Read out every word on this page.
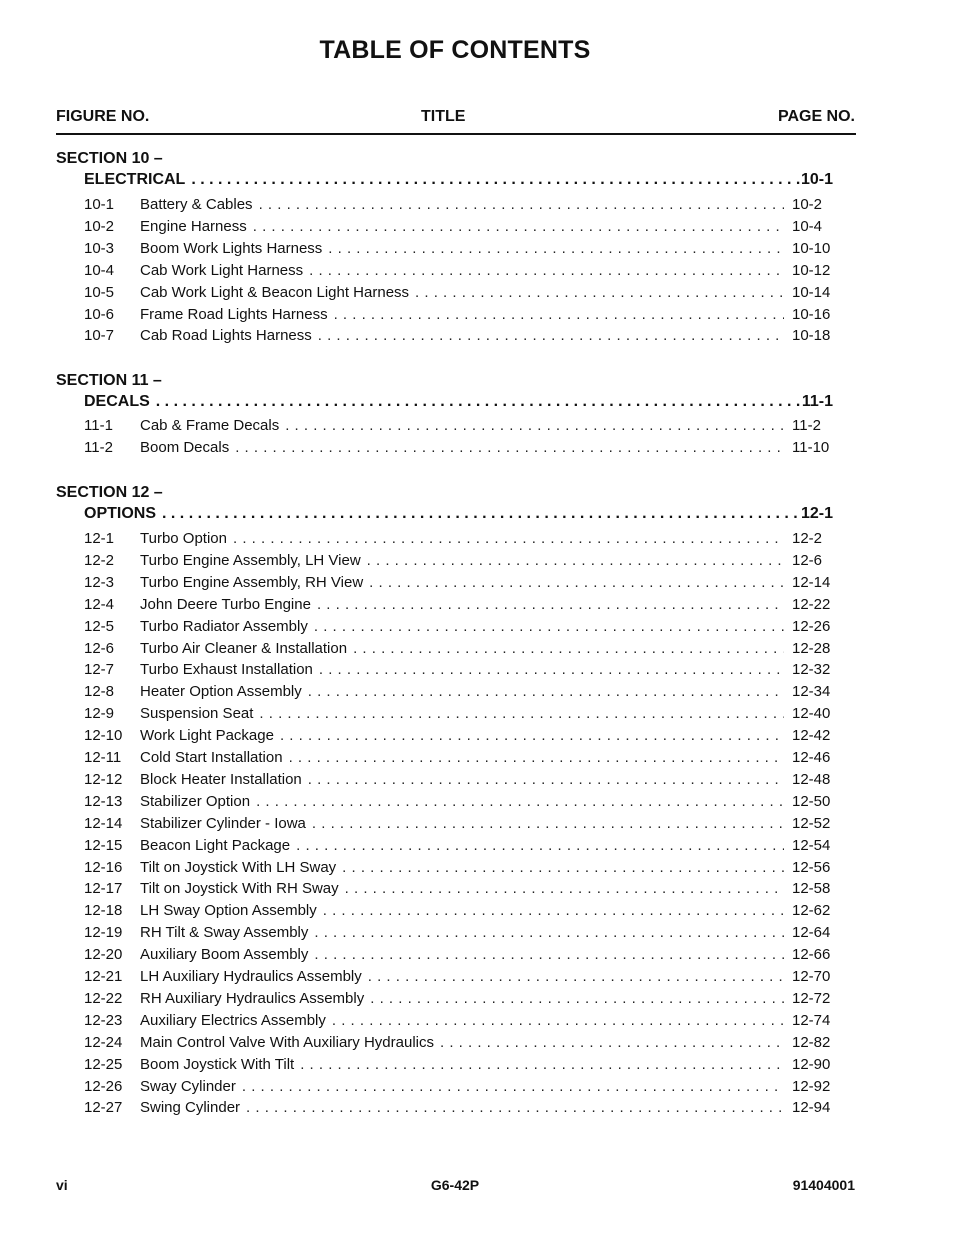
TABLE OF CONTENTS
FIGURE NO.	TITLE	PAGE NO.
SECTION 10 –
ELECTRICAL . . .	10-1
10-1	Battery & Cables . . .	10-2
10-2	Engine Harness . . .	10-4
10-3	Boom Work Lights Harness . . .	10-10
10-4	Cab Work Light Harness . . .	10-12
10-5	Cab Work Light & Beacon Light Harness . . .	10-14
10-6	Frame Road Lights Harness . . .	10-16
10-7	Cab Road Lights Harness . . .	10-18
SECTION 11 –
DECALS . . .	11-1
11-1	Cab & Frame Decals . . .	11-2
11-2	Boom Decals . . .	11-10
SECTION 12 –
OPTIONS . . .	12-1
12-1	Turbo Option . . .	12-2
12-2	Turbo Engine Assembly, LH View . . .	12-6
12-3	Turbo Engine Assembly, RH View . . .	12-14
12-4	John Deere Turbo Engine . . .	12-22
12-5	Turbo Radiator Assembly . . .	12-26
12-6	Turbo Air Cleaner & Installation . . .	12-28
12-7	Turbo Exhaust Installation . . .	12-32
12-8	Heater Option Assembly . . .	12-34
12-9	Suspension Seat . . .	12-40
12-10	Work Light Package . . .	12-42
12-11	Cold Start Installation . . .	12-46
12-12	Block Heater Installation . . .	12-48
12-13	Stabilizer Option . . .	12-50
12-14	Stabilizer Cylinder - Iowa . . .	12-52
12-15	Beacon Light Package . . .	12-54
12-16	Tilt on Joystick With LH Sway . . .	12-56
12-17	Tilt on Joystick With RH Sway . . .	12-58
12-18	LH Sway Option Assembly . . .	12-62
12-19	RH Tilt & Sway Assembly . . .	12-64
12-20	Auxiliary Boom Assembly . . .	12-66
12-21	LH Auxiliary Hydraulics Assembly . . .	12-70
12-22	RH Auxiliary Hydraulics Assembly . . .	12-72
12-23	Auxiliary Electrics Assembly . . .	12-74
12-24	Main Control Valve With Auxiliary Hydraulics . . .	12-82
12-25	Boom Joystick With Tilt . . .	12-90
12-26	Sway Cylinder . . .	12-92
12-27	Swing Cylinder . . .	12-94
vi	G6-42P	91404001
